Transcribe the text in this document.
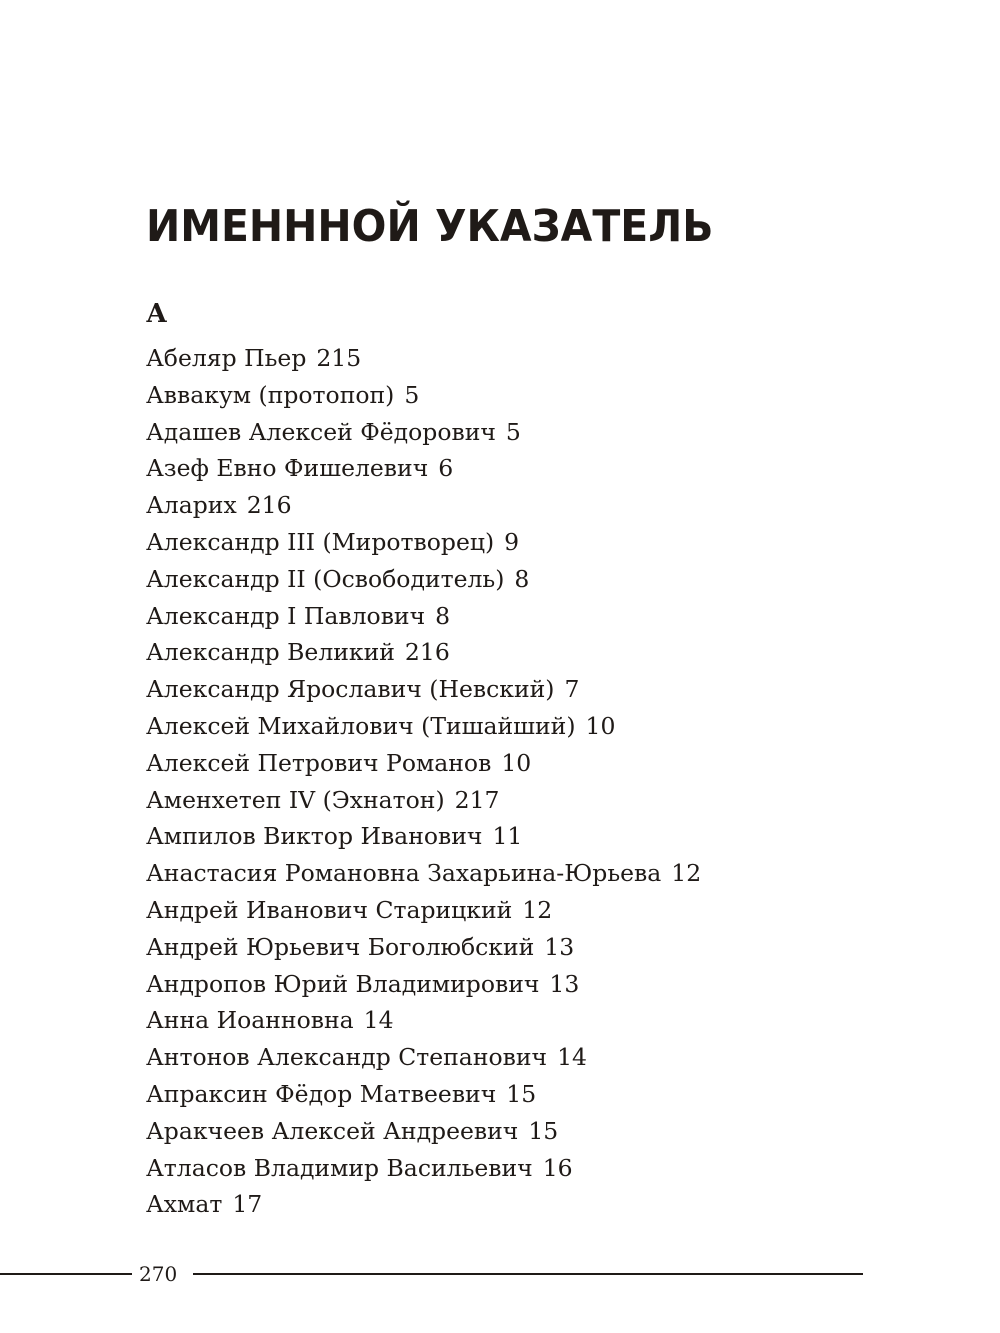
ИМЕНННОЙ УКАЗАТЕЛЬ
А
Абеляр Пьер 215
Аввакум (протопоп) 5
Адашев Алексей Фёдорович 5
Азеф Евно Фишелевич 6
Аларих 216
Александр III (Миротворец) 9
Александр II (Освободитель) 8
Александр I Павлович 8
Александр Великий 216
Александр Ярославич (Невский) 7
Алексей Михайлович (Тишайший) 10
Алексей Петрович Романов 10
Аменхетеп IV (Эхнатон) 217
Ампилов Виктор Иванович 11
Анастасия Романовна Захарьина-Юрьева 12
Андрей Иванович Старицкий 12
Андрей Юрьевич Боголюбский 13
Андропов Юрий Владимирович 13
Анна Иоанновна 14
Антонов Александр Степанович 14
Апраксин Фёдор Матвеевич 15
Аракчеев Алексей Андреевич 15
Атласов Владимир Васильевич 16
Ахмат 17
270
